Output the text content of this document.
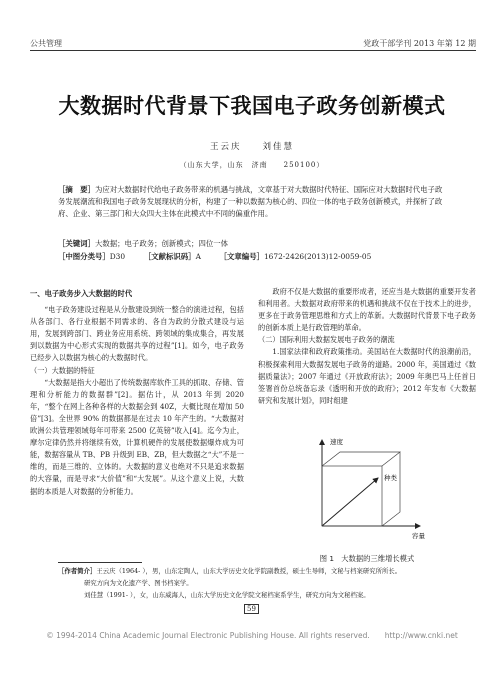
公共管理	党政干部学刊 2013 年第 12 期
大数据时代背景下我国电子政务创新模式
王云庆　　刘佳慧
（山东大学，山东　济南　　250100）
［摘　要］为应对大数据时代给电子政务带来的机遇与挑战，文章基于对大数据时代特征、国际应对大数据时代电子政务发展潮流和我国电子政务发展现状的分析，构建了一种以数据为核心的、四位一体的电子政务创新模式，并探析了政府、企业、第三部门和大众四大主体在此模式中不同的偏重作用。
［关键词］大数据；电子政务；创新模式；四位一体
［中图分类号］D30	［文献标识码］A	［文章编号］1672-2426(2013)12-0059-05

一、电子政务步入大数据的时代

“电子政务建设过程是从分散建设到统一整合的演进过程，包括从各部门、各行业根据不同需求的、各自为政的分散式建设与运用，发展到跨部门、跨业务应用系统、跨领域的集成集合，再发展到以数据为中心形式实现的数据共享的过程”[1]。如今，电子政务已经步入以数据为核心的大数据时代。

（一）大数据的特征

“大数据是指大小超出了传统数据库软件工具的抓取、存储、管理和分析能力的数据群”[2]。据估计，从 2013 年到 2020 年，“整个在网上各种各样的大数据会到 40Z，大概比现在增加 50 倍”[3]。全世界 90% 的数据都是在过去 10 年产生的。“大数据对欧洲公共管理领域每年可带来 2500 亿英镑”收入[4]。迄今为止，摩尔定律仍然并将继续有效，计算机硬件的发展使数据爆炸成为可能，数据容量从 TB、PB 升级到 EB、ZB，但大数据之“大”不是一维的，而是三维的、立体的。大数据的意义也绝对不只是追求数据的大容量，而是寻求“大价值”和“大发展”。从这个意义上说，大数据的本质是人对数据的分析能力。

政府不仅是大数据的重要形成者，还应当是大数据的重要开发者和利用者。大数据对政府带来的机遇和挑战不仅在于技术上的进步，更多在于政务管理思维和方式上的革新。大数据时代背景下电子政务的创新本质上是行政管理的革命。

（二）国际利用大数据发展电子政务的潮流

1.国家法律和政府政策推动。美国站在大数据时代的浪潮前沿，积极探索利用大数据发展电子政务的道路。2000 年，美国通过《数据质量法》；2007 年通过《开放政府法》；2009 年奥巴马上任首日签署首份总统备忘录《透明和开放的政府》；2012 年发布《大数据研究和发展计划》，同时组建

速度
种类
容量
图 1　大数据的三维增长模式
［作者简介］王云庆（1964- ），男，山东定陶人，山东大学历史文化学院副教授，硕士生导师，文秘与档案研究所所长。
研究方向为文化遗产学、图书档案学。
刘佳慧（1991- ），女，山东威海人，山东大学历史文化学院文秘档案系学生，研究方向为文秘档案。
59
© 1994-2014 China Academic Journal Electronic Publishing House. All rights reserved.　　http://www.cnki.net
